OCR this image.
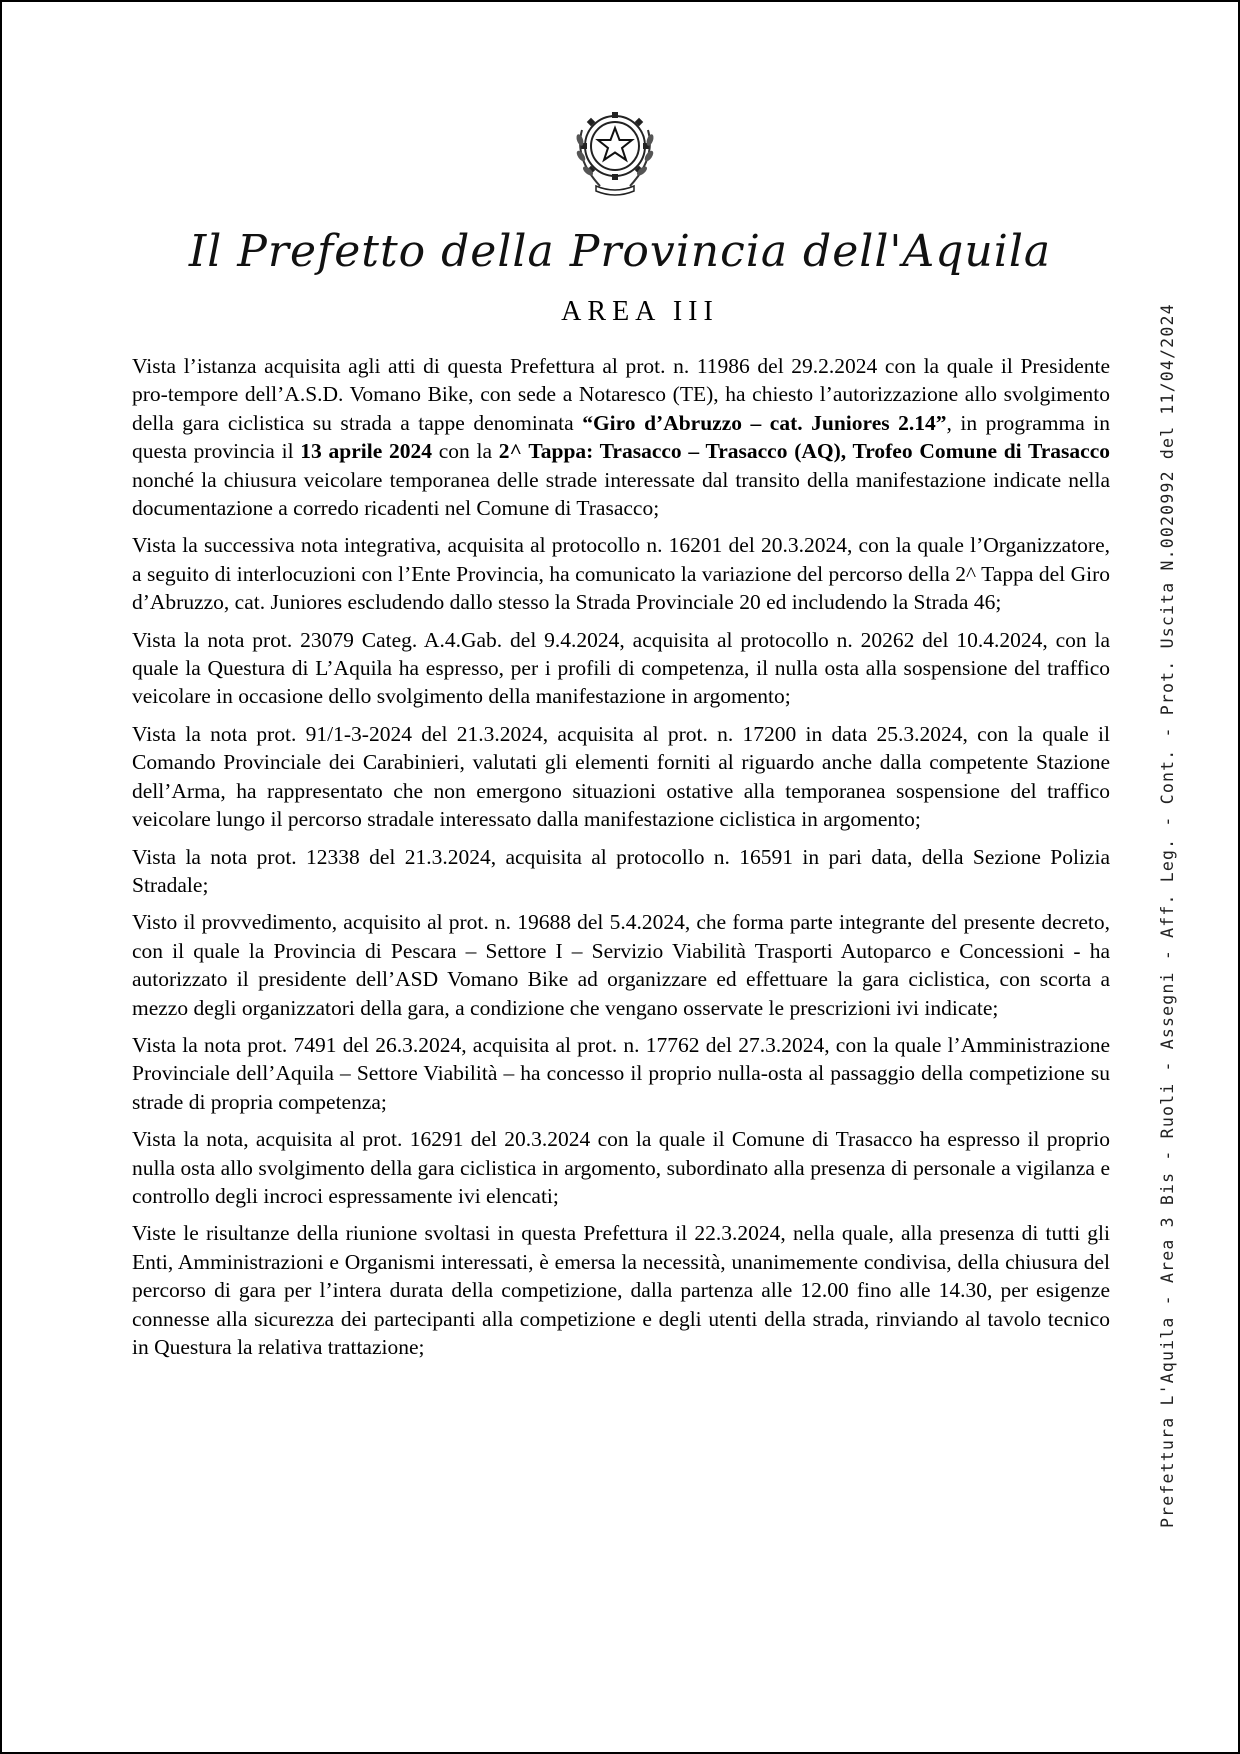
Il Prefetto della Provincia dell'Aquila
AREA III

Vista l’istanza acquisita agli atti di questa Prefettura al prot. n. 11986 del 29.2.2024 con la quale il Presidente pro-tempore dell’A.S.D. Vomano Bike, con sede a Notaresco (TE), ha chiesto l’autorizzazione allo svolgimento della gara ciclistica su strada a tappe denominata “Giro d’Abruzzo – cat. Juniores 2.14”, in programma in questa provincia il 13 aprile 2024 con la 2^ Tappa: Trasacco – Trasacco (AQ), Trofeo Comune di Trasacco nonché la chiusura veicolare temporanea delle strade interessate dal transito della manifestazione indicate nella documentazione a corredo ricadenti nel Comune di Trasacco;

Vista la successiva nota integrativa, acquisita al protocollo n. 16201 del 20.3.2024, con la quale l’Organizzatore, a seguito di interlocuzioni con l’Ente Provincia, ha comunicato la variazione del percorso della 2^ Tappa del Giro d’Abruzzo, cat. Juniores escludendo dallo stesso la Strada Provinciale 20 ed includendo la Strada 46;

Vista la nota prot. 23079 Categ. A.4.Gab. del 9.4.2024, acquisita al protocollo n. 20262 del 10.4.2024, con la quale la Questura di L’Aquila ha espresso, per i profili di competenza, il nulla osta alla sospensione del traffico veicolare in occasione dello svolgimento della manifestazione in argomento;

Vista la nota prot. 91/1-3-2024 del 21.3.2024, acquisita al prot. n. 17200 in data 25.3.2024, con la quale il Comando Provinciale dei Carabinieri, valutati gli elementi forniti al riguardo anche dalla competente Stazione dell’Arma, ha rappresentato che non emergono situazioni ostative alla temporanea sospensione del traffico veicolare lungo il percorso stradale interessato dalla manifestazione ciclistica in argomento;

Vista la nota prot. 12338 del 21.3.2024, acquisita al protocollo n. 16591 in pari data, della Sezione Polizia Stradale;

Visto il provvedimento, acquisito al prot. n. 19688 del 5.4.2024, che forma parte integrante del presente decreto, con il quale la Provincia di Pescara – Settore I – Servizio Viabilità Trasporti Autoparco e Concessioni - ha autorizzato il presidente dell’ASD Vomano Bike ad organizzare ed effettuare la gara ciclistica, con scorta a mezzo degli organizzatori della gara, a condizione che vengano osservate le prescrizioni ivi indicate;

Vista la nota prot. 7491 del 26.3.2024, acquisita al prot. n. 17762 del 27.3.2024, con la quale l’Amministrazione Provinciale dell’Aquila – Settore Viabilità – ha concesso il proprio nulla-osta al passaggio della competizione su strade di propria competenza;

Vista la nota, acquisita al prot. 16291 del 20.3.2024 con la quale il Comune di Trasacco ha espresso il proprio nulla osta allo svolgimento della gara ciclistica in argomento, subordinato alla presenza di personale a vigilanza e controllo degli incroci espressamente ivi elencati;

Viste le risultanze della riunione svoltasi in questa Prefettura il 22.3.2024, nella quale, alla presenza di tutti gli Enti, Amministrazioni e Organismi interessati, è emersa la necessità, unanimemente condivisa, della chiusura del percorso di gara per l’intera durata della competizione, dalla partenza alle 12.00 fino alle 14.30, per esigenze connesse alla sicurezza dei partecipanti alla competizione e degli utenti della strada, rinviando al tavolo tecnico in Questura la relativa trattazione;	Prefettura L'Aquila - Area 3 Bis - Ruoli - Assegni - Aff. Leg. - Cont. - Prot. Uscita N.0020992 del 11/04/2024
